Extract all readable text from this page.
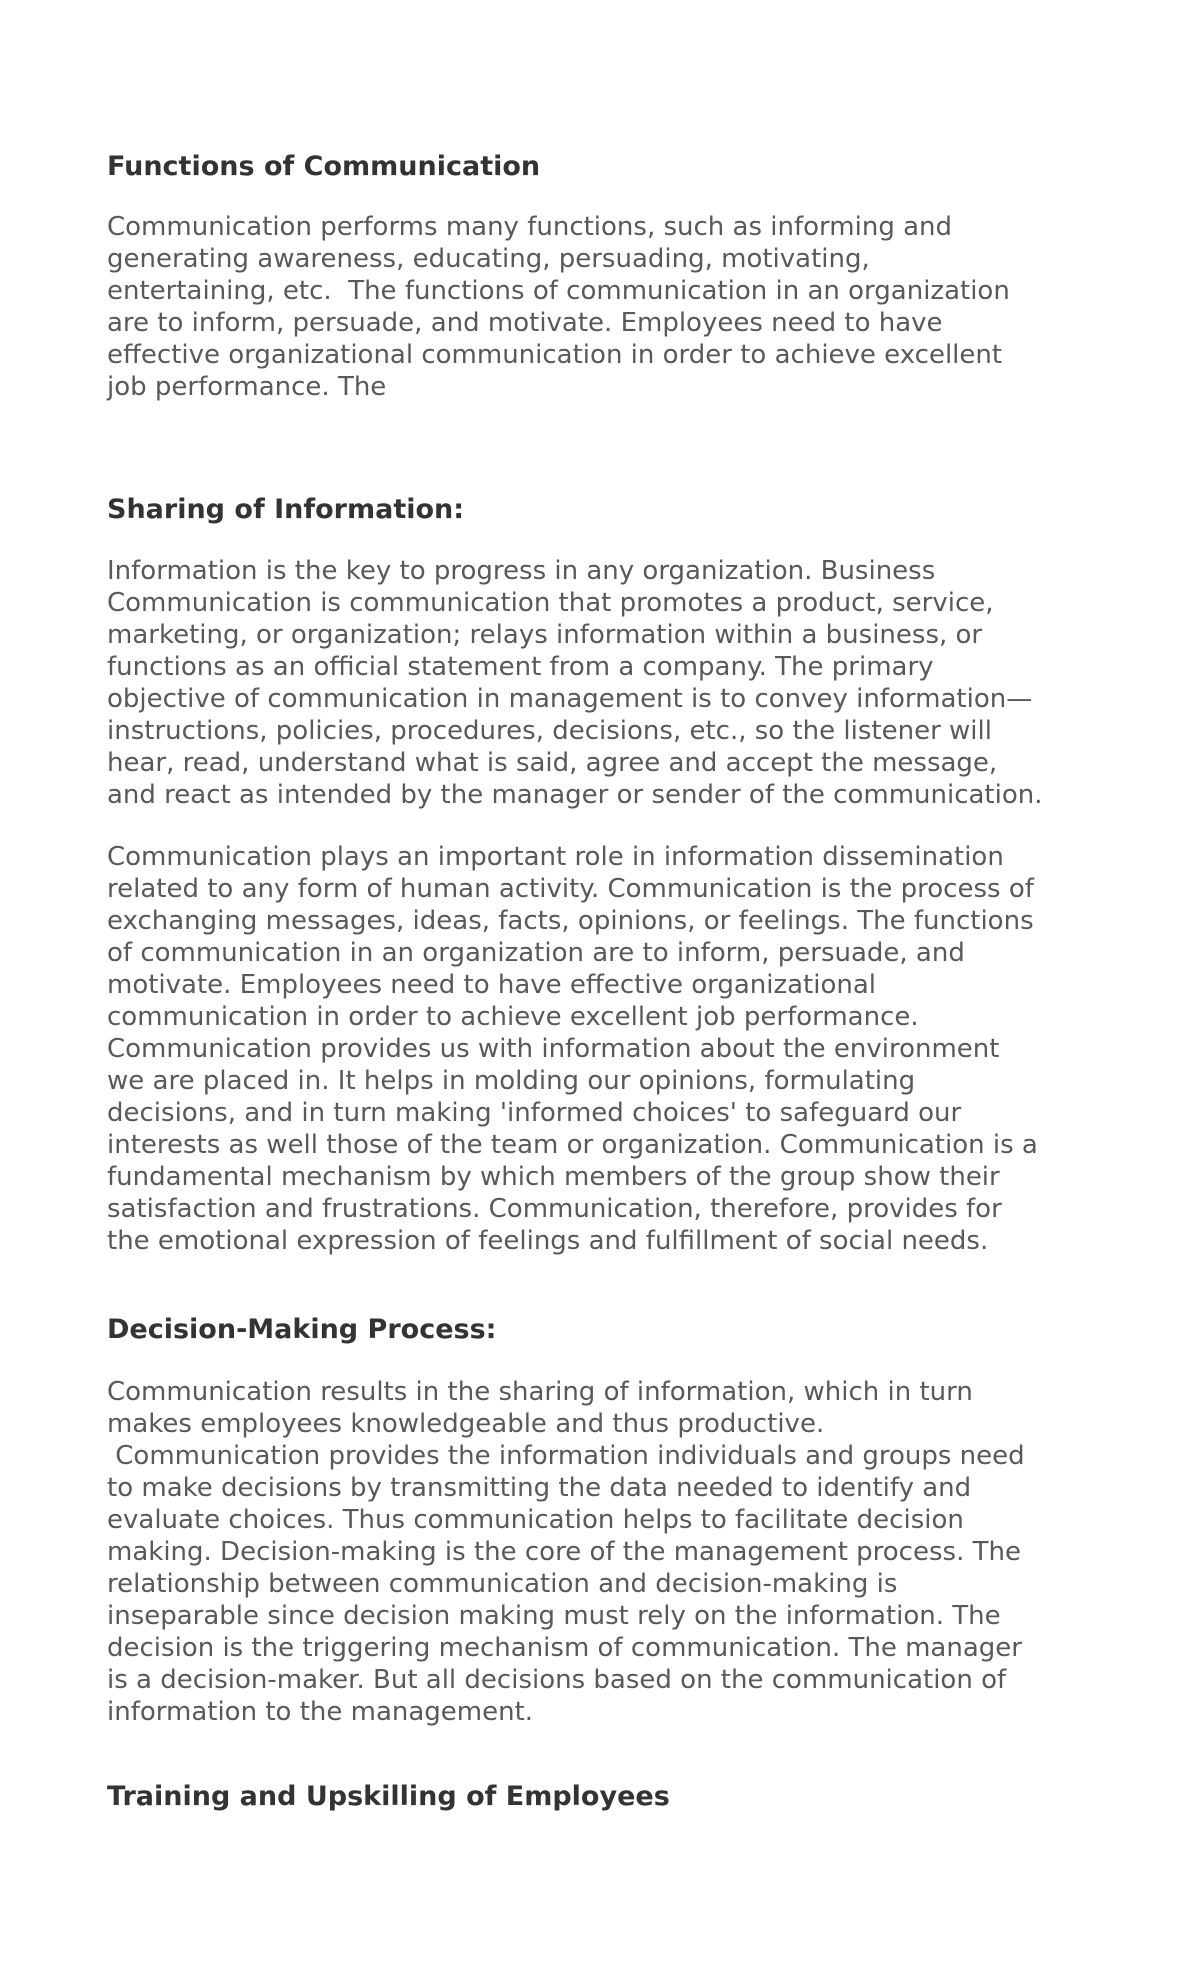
Functions of Communication

Communication performs many functions, such as informing and
generating awareness, educating, persuading, motivating,
entertaining, etc.  The functions of communication in an organization
are to inform, persuade, and motivate. Employees need to have
effective organizational communication in order to achieve excellent
job performance. The

Sharing of Information:

Information is the key to progress in any organization. Business
Communication is communication that promotes a product, service,
marketing, or organization; relays information within a business, or
functions as an official statement from a company. The primary
objective of communication in management is to convey information—
instructions, policies, procedures, decisions, etc., so the listener will
hear, read, understand what is said, agree and accept the message,
and react as intended by the manager or sender of the communication.

Communication plays an important role in information dissemination
related to any form of human activity. Communication is the process of
exchanging messages, ideas, facts, opinions, or feelings. The functions
of communication in an organization are to inform, persuade, and
motivate. Employees need to have effective organizational
communication in order to achieve excellent job performance.
Communication provides us with information about the environment
we are placed in. It helps in molding our opinions, formulating
decisions, and in turn making 'informed choices' to safeguard our
interests as well those of the team or organization. Communication is a
fundamental mechanism by which members of the group show their
satisfaction and frustrations. Communication, therefore, provides for
the emotional expression of feelings and fulfillment of social needs.

Decision-Making Process:

Communication results in the sharing of information, which in turn
makes employees knowledgeable and thus productive.
Communication provides the information individuals and groups need
to make decisions by transmitting the data needed to identify and
evaluate choices. Thus communication helps to facilitate decision
making. Decision-making is the core of the management process. The
relationship between communication and decision-making is
inseparable since decision making must rely on the information. The
decision is the triggering mechanism of communication. The manager
is a decision-maker. But all decisions based on the communication of
information to the management.

Training and Upskilling of Employees
